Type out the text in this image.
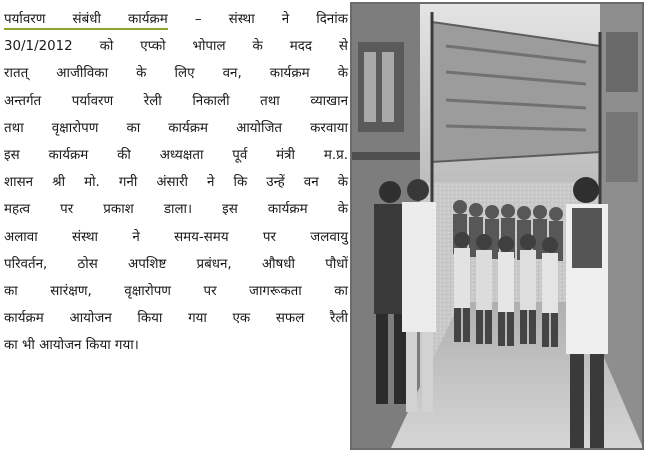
पर्यावरण संबंधी कार्यक्रम – संस्था ने दिनांक
30/1/2012 को एप्को भोपाल के मदद से
रातत् आजीविका के लिए वन, कार्यक्रम के
अन्तर्गत पर्यावरण रेली निकाली तथा व्याखान
तथा वृक्षारोपण का कार्यक्रम आयोजित करवाया
इस कार्यक्रम की अध्यक्षता पूर्व मंत्री म.प्र.
शासन श्री मो. गनी अंसारी ने कि उन्हें वन के
महत्व पर प्रकाश डाला। इस कार्यक्रम के
अलावा संस्था ने समय-समय पर जलवायु
परिवर्तन, ठोस अपशिष्ट प्रबंधन, औषधी पौधों
का सारंक्षण, वृक्षारोपण पर जागरूकता का
कार्यक्रम आयोजन किया गया एक सफल रैली
का भी आयोजन किया गया।
